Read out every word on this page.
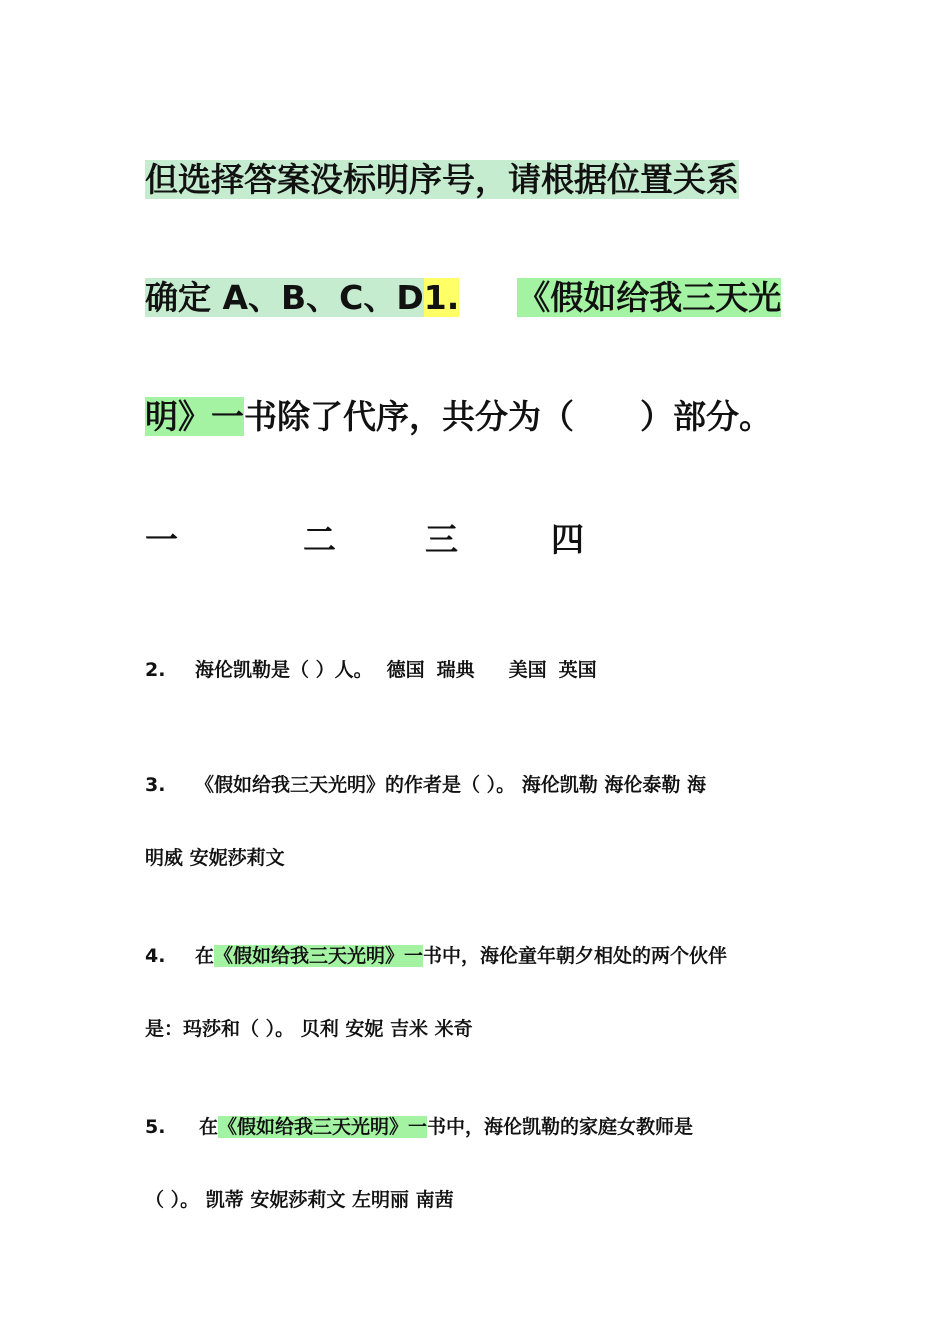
但选择答案没标明序号，请根据位置关系
确定 A、B、C、D1. 《假如给我三天光
明》一书除了代序，共分为（　　）部分。
一	二	三	四
2. 海伦凯勒是（ ）人。 德国 瑞典 美国 英国
3. 《假如给我三天光明》的作者是（ ）。 海伦凯勒 海伦泰勒 海
明威 安妮莎莉文
4. 在《假如给我三天光明》一书中，海伦童年朝夕相处的两个伙伴
是：玛莎和（ ）。 贝利 安妮 吉米 米奇
5. 在《假如给我三天光明》一书中，海伦凯勒的家庭女教师是
（ ）。 凯蒂 安妮莎莉文 左明丽 南茜
